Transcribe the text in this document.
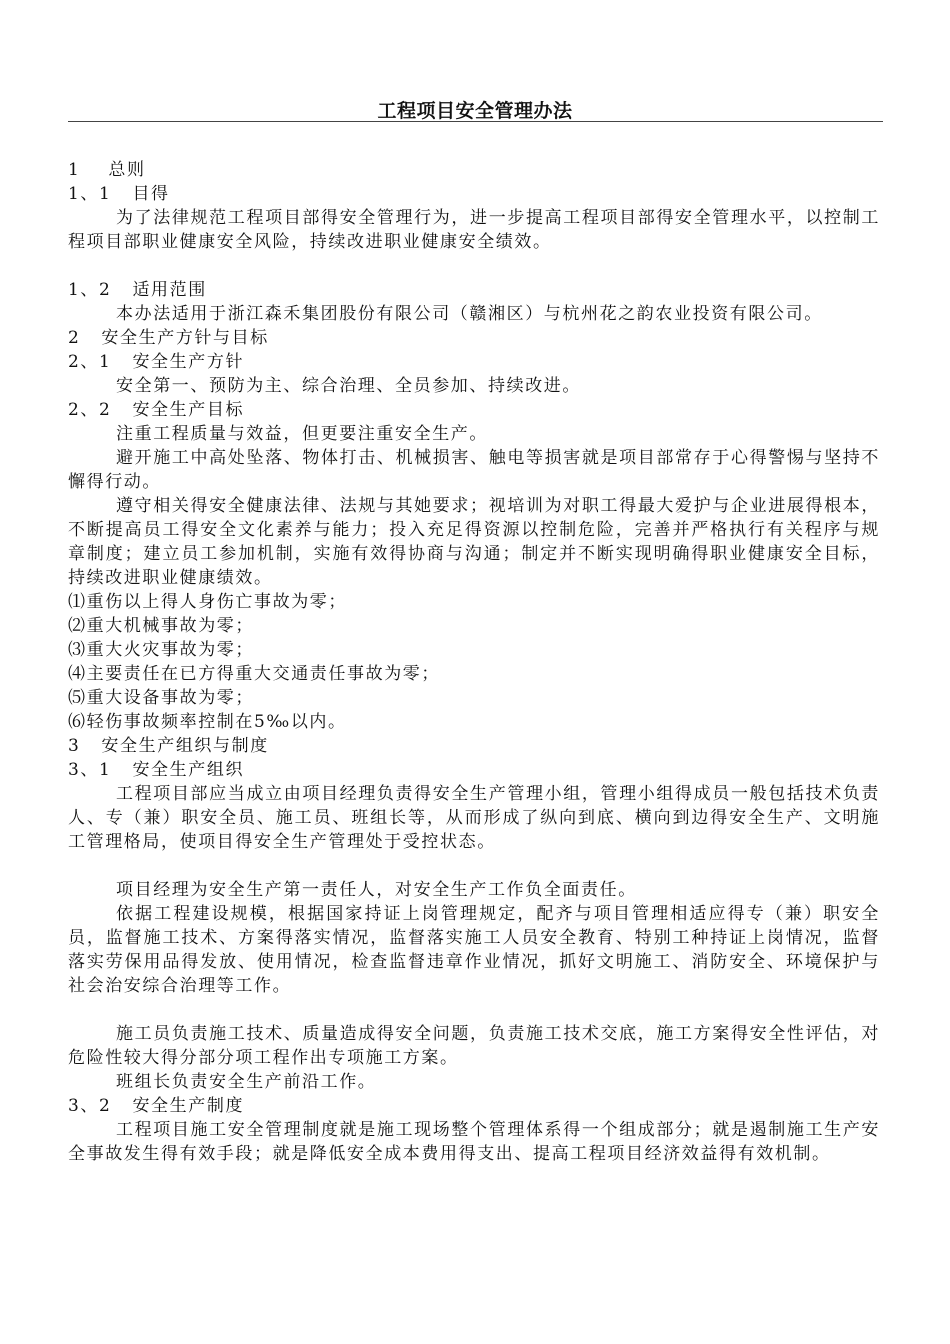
工程项目安全管理办法

1    总则

1、1   目得

为了法律规范工程项目部得安全管理行为，进一步提高工程项目部得安全管理水平，以控制工程项目部职业健康安全风险，持续改进职业健康安全绩效。

1、2   适用范围

本办法适用于浙江森禾集团股份有限公司（赣湘区）与杭州花之韵农业投资有限公司。

2   安全生产方针与目标

2、1   安全生产方针

安全第一、预防为主、综合治理、全员参加、持续改进。

2、2   安全生产目标

注重工程质量与效益，但更要注重安全生产。

避开施工中高处坠落、物体打击、机械损害、触电等损害就是项目部常存于心得警惕与坚持不懈得行动。

遵守相关得安全健康法律、法规与其她要求；视培训为对职工得最大爱护与企业进展得根本，不断提高员工得安全文化素养与能力；投入充足得资源以控制危险，完善并严格执行有关程序与规章制度；建立员工参加机制，实施有效得协商与沟通；制定并不断实现明确得职业健康安全目标，持续改进职业健康绩效。

⑴重伤以上得人身伤亡事故为零；

⑵重大机械事故为零；

⑶重大火灾事故为零；

⑷主要责任在已方得重大交通责任事故为零；

⑸重大设备事故为零；

⑹轻伤事故频率控制在5‰以内。

3   安全生产组织与制度

3、1   安全生产组织

工程项目部应当成立由项目经理负责得安全生产管理小组，管理小组得成员一般包括技术负责人、专（兼）职安全员、施工员、班组长等，从而形成了纵向到底、横向到边得安全生产、文明施工管理格局，使项目得安全生产管理处于受控状态。

项目经理为安全生产第一责任人，对安全生产工作负全面责任。

依据工程建设规模，根据国家持证上岗管理规定，配齐与项目管理相适应得专（兼）职安全员，监督施工技术、方案得落实情况，监督落实施工人员安全教育、特别工种持证上岗情况，监督落实劳保用品得发放、使用情况，检查监督违章作业情况，抓好文明施工、消防安全、环境保护与社会治安综合治理等工作。

施工员负责施工技术、质量造成得安全问题，负责施工技术交底，施工方案得安全性评估，对危险性较大得分部分项工程作出专项施工方案。

班组长负责安全生产前沿工作。

3、2   安全生产制度

工程项目施工安全管理制度就是施工现场整个管理体系得一个组成部分；就是遏制施工生产安全事故发生得有效手段；就是降低安全成本费用得支出、提高工程项目经济效益得有效机制。
